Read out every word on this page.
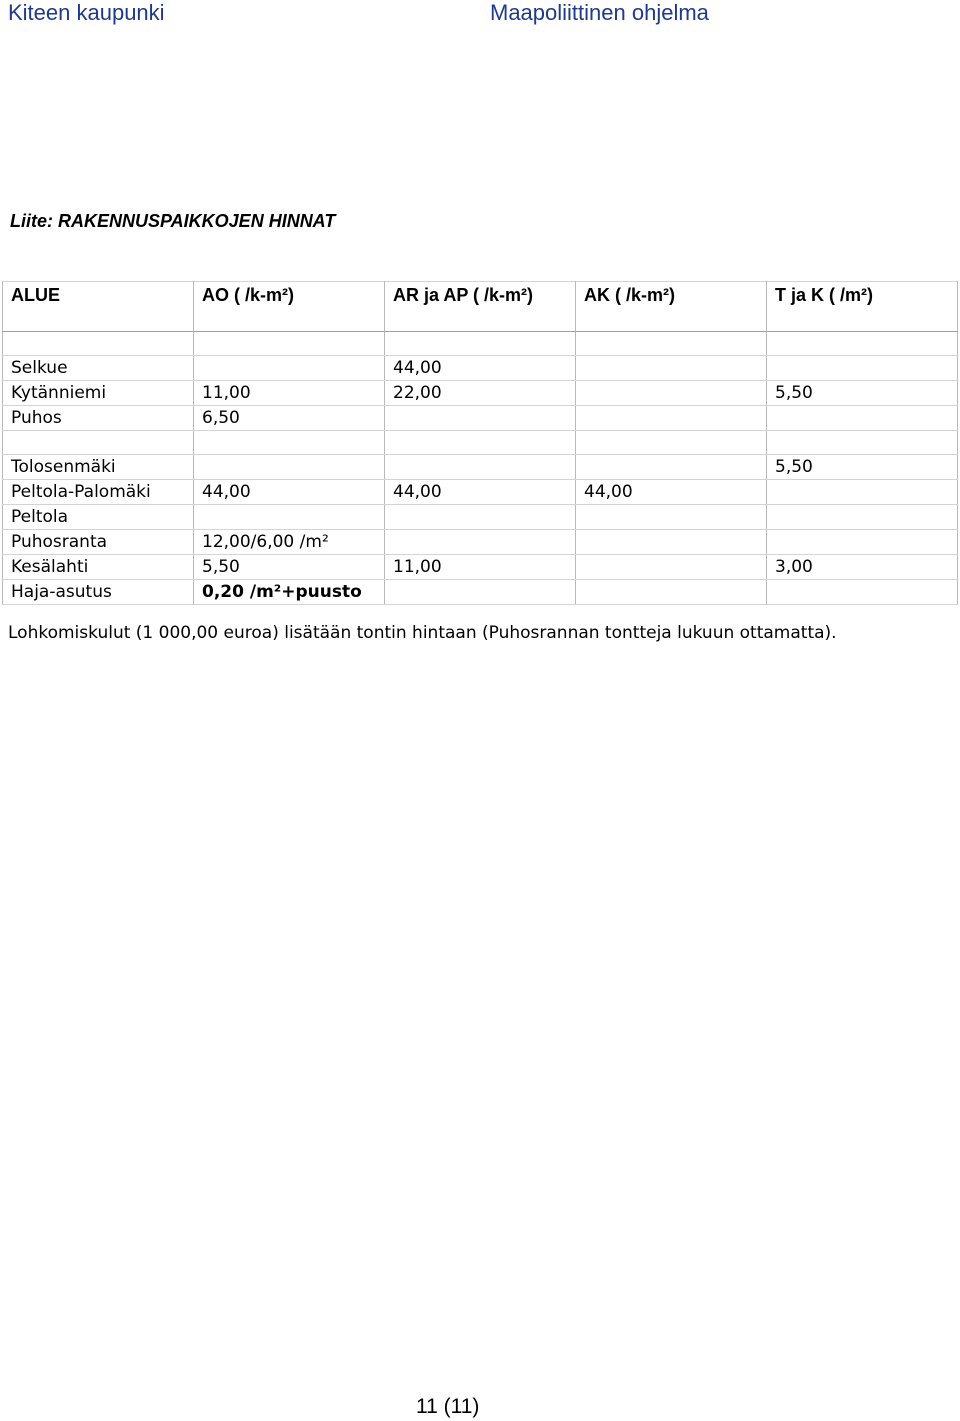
Kiteen kaupunki	Maapoliittinen ohjelma
Liite: RAKENNUSPAIKKOJEN HINNAT
ALUE	AO ( /k-m²)	AR ja AP ( /k-m²)	AK ( /k-m²)	T ja K ( /m²)

Selkue		44,00		
Kytänniemi	11,00	22,00		5,50
Puhos	6,50			

Tolosenmäki				5,50
Peltola-Palomäki	44,00	44,00	44,00	
Peltola				
Puhosranta	12,00/6,00 /m²			
Kesälahti	5,50	11,00		3,00
Haja-asutus	0,20 /m²+puusto			
Lohkomiskulut (1 000,00 euroa) lisätään tontin hintaan (Puhosrannan tontteja lukuun ottamatta).
11 (11)
